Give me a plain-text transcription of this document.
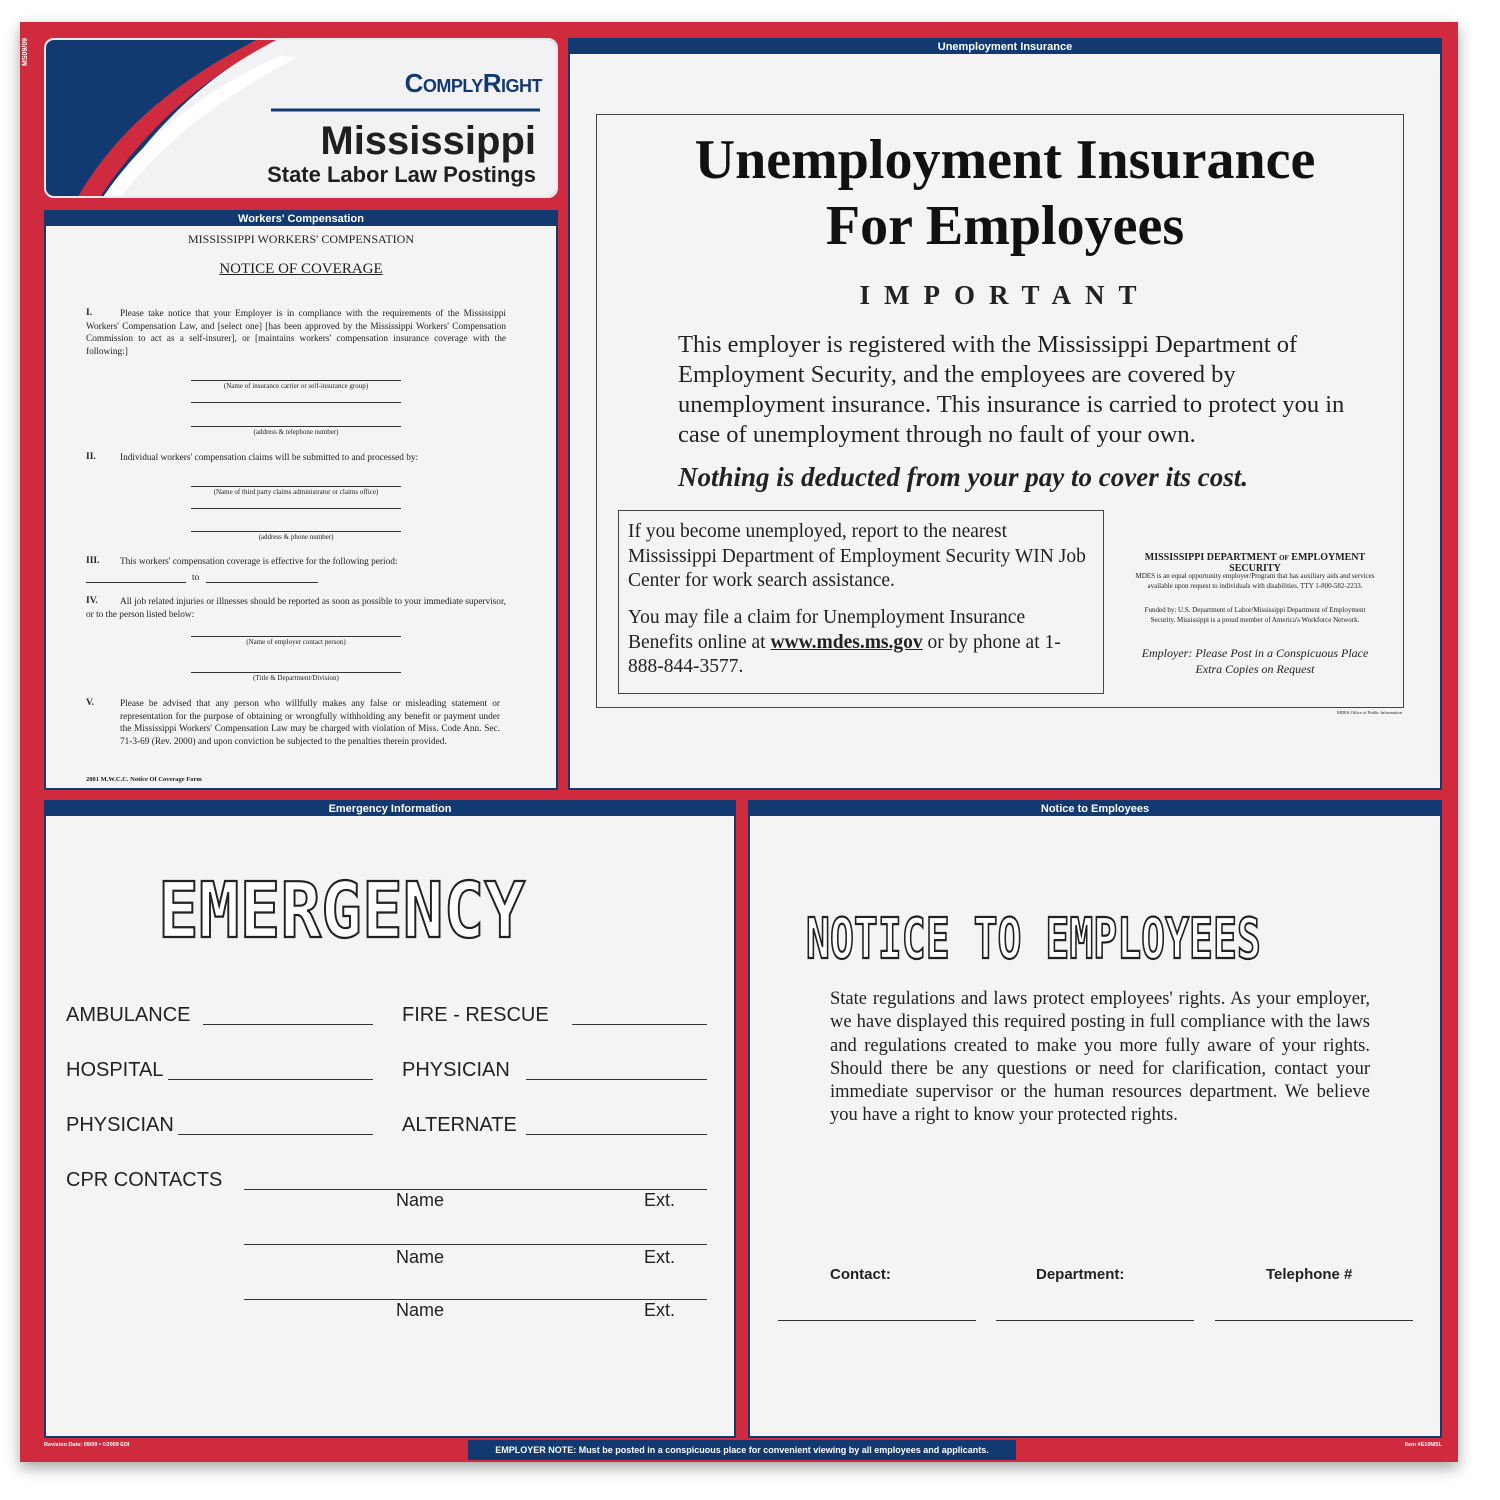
MS09/09
ComplyRight
Mississippi
State Labor Law Postings
Workers' Compensation
MISSISSIPPI WORKERS' COMPENSATION
NOTICE OF COVERAGE
I.	Please take notice that your Employer is in compliance with the requirements of the Mississippi Workers' Compensation Law, and [select one] [has been approved by the Mississippi Workers' Compensation Commission to act as a self-insurer], or [maintains workers' compensation insurance coverage with the following:]
(Name of insurance carrier or self-insurance group)
(address & telephone number)
II.	Individual workers' compensation claims will be submitted to and processed by:
(Name of third party claims administrator or claims office)
(address & phone number)
III. This workers' compensation coverage is effective for the following period:
to
IV.	All job related injuries or illnesses should be reported as soon as possible to your immediate supervisor, or to the person listed below:
(Name of employer contact person)
(Title & Department/Division)
V.	Please be advised that any person who willfully makes any false or misleading statement or representation for the purpose of obtaining or wrongfully withholding any benefit or payment under the Mississippi Workers' Compensation Law may be charged with violation of Miss. Code Ann. Sec. 71-3-69 (Rev. 2000) and upon conviction be subjected to the penalties therein provided.
2001 M.W.C.C. Notice Of Coverage Form
Unemployment Insurance
Unemployment Insurance
For Employees
IMPORTANT
This employer is registered with the Mississippi Department of Employment Security, and the employees are covered by unemployment insurance. This insurance is carried to protect you in case of unemployment through no fault of your own.
Nothing is deducted from your pay to cover its cost.
If you become unemployed, report to the nearest Mississippi Department of Employment Security WIN Job Center for work search assistance.
You may file a claim for Unemployment Insurance Benefits online at www.mdes.ms.gov or by phone at 1-888-844-3577.
MISSISSIPPI DEPARTMENT of EMPLOYMENT SECURITY
MDES is an equal opportunity employer/Program that has auxiliary aids and services available upon request to individuals with disabilities. TTY 1-800-582-2233.
Funded by: U.S. Department of Labor/Mississippi Department of Employment Security. Mississippi is a proud member of America's Workforce Network.
Employer: Please Post in a Conspicuous Place
Extra Copies on Request
MDES Office of Public Information
Emergency Information
EMERGENCY
AMBULANCE	FIRE - RESCUE
HOSPITAL	PHYSICIAN
PHYSICIAN	ALTERNATE
CPR CONTACTS
Name	Ext.
Name	Ext.
Name	Ext.
Notice to Employees
NOTICE TO EMPLOYEES
State regulations and laws protect employees' rights. As your employer, we have displayed this required posting in full compliance with the laws and regulations created to make you more fully aware of your rights. Should there be any questions or need for clarification, contact your immediate supervisor or the human resources department. We believe you have a right to know your protected rights.
Contact:	Department:	Telephone #
Revision Date: 09/09 • ©2009 EDI	EMPLOYER NOTE: Must be posted in a conspicuous place for convenient viewing by all employees and applicants.	Item #E10MSL
